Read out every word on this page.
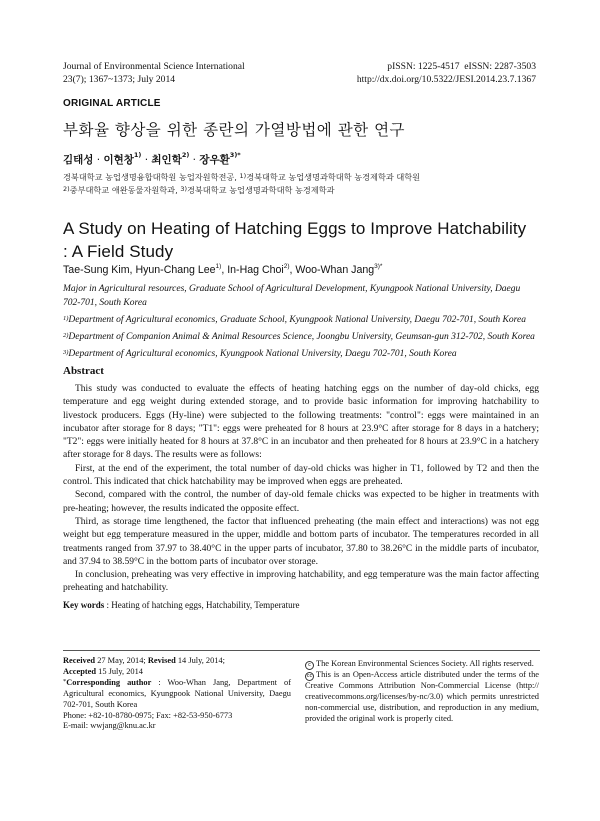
Journal of Environmental Science International
23(7); 1367~1373; July 2014
pISSN: 1225-4517  eISSN: 2287-3503
http://dx.doi.org/10.5322/JESI.2014.23.7.1367
ORIGINAL ARTICLE
부화율 향상을 위한 종란의 가열방법에 관한 연구
김태성 · 이현창$^{1)}$ · 최인학$^{2)}$ · 장우환$^{3)*}$
경북대학교 농업생명융합대학원 농업자원학전공, $^{1)}$경북대학교 농업생명과학대학 농경제학과 대학원
$^{2)}$중부대학교 애완동물자원학과, $^{3)}$경북대학교 농업생명과학대학 농경제학과
A Study on Heating of Hatching Eggs to Improve Hatchability
: A Field Study
Tae-Sung Kim, Hyun-Chang Lee$^{1)}$, In-Hag Choi$^{2)}$, Woo-Whan Jang$^{3)*}$

Major in Agricultural resources, Graduate School of Agricultural Development, Kyungpook National University, Daegu 702-701, South Korea

$^{1)}$Department of Agricultural economics, Graduate School, Kyungpook National University, Daegu 702-701, South Korea

$^{2)}$Department of Companion Animal & Animal Resources Science, Joongbu University, Geumsan-gun 312-702, South Korea

$^{3)}$Department of Agricultural economics, Kyungpook National University, Daegu 702-701, South Korea

Abstract

This study was conducted to evaluate the effects of heating hatching eggs on the number of day-old chicks, egg temperature and egg weight during extended storage, and to provide basic information for improving hatchability to livestock producers. Eggs (Hy-line) were subjected to the following treatments: "control": eggs were maintained in an incubator after storage for 8 days; "T1": eggs were preheated for 8 hours at 23.9°C after storage for 8 days in a hatchery; "T2": eggs were initially heated for 8 hours at 37.8°C in an incubator and then preheated for 8 hours at 23.9°C in a hatchery after storage for 8 days. The results were as follows:

First, at the end of the experiment, the total number of day-old chicks was higher in T1, followed by T2 and then the control. This indicated that chick hatchability may be improved when eggs are preheated.

Second, compared with the control, the number of day-old female chicks was expected to be higher in treatments with pre-heating; however, the results indicated the opposite effect.

Third, as storage time lengthened, the factor that influenced preheating (the main effect and interactions) was not egg weight but egg temperature measured in the upper, middle and bottom parts of incubator. The temperatures recorded in all treatments ranged from 37.97 to 38.40°C in the upper parts of incubator, 37.80 to 38.26°C in the middle parts of incubator, and 37.94 to 38.59°C in the bottom parts of incubator over storage.

In conclusion, preheating was very effective in improving hatchability, and egg temperature was the main factor affecting preheating and hatchability.

Key words : Heating of hatching eggs, Hatchability, Temperature
Received 27 May, 2014; Revised 14 July, 2014;
Accepted 15 July, 2014
*Corresponding author : Woo-Whan Jang, Department of Agricultural economics, Kyungpook National University, Daegu 702-701, South Korea
Phone: +82-10-8780-0975; Fax: +82-53-950-6773
E-mail: wwjang@knu.ac.kr

c The Korean Environmental Sciences Society. All rights reserved.

cc This is an Open-Access article distributed under the terms of the Creative Commons Attribution Non-Commercial License (http:// creativecommons.org/licenses/by-nc/3.0) which permits unrestricted non-commercial use, distribution, and reproduction in any medium, provided the original work is properly cited.
